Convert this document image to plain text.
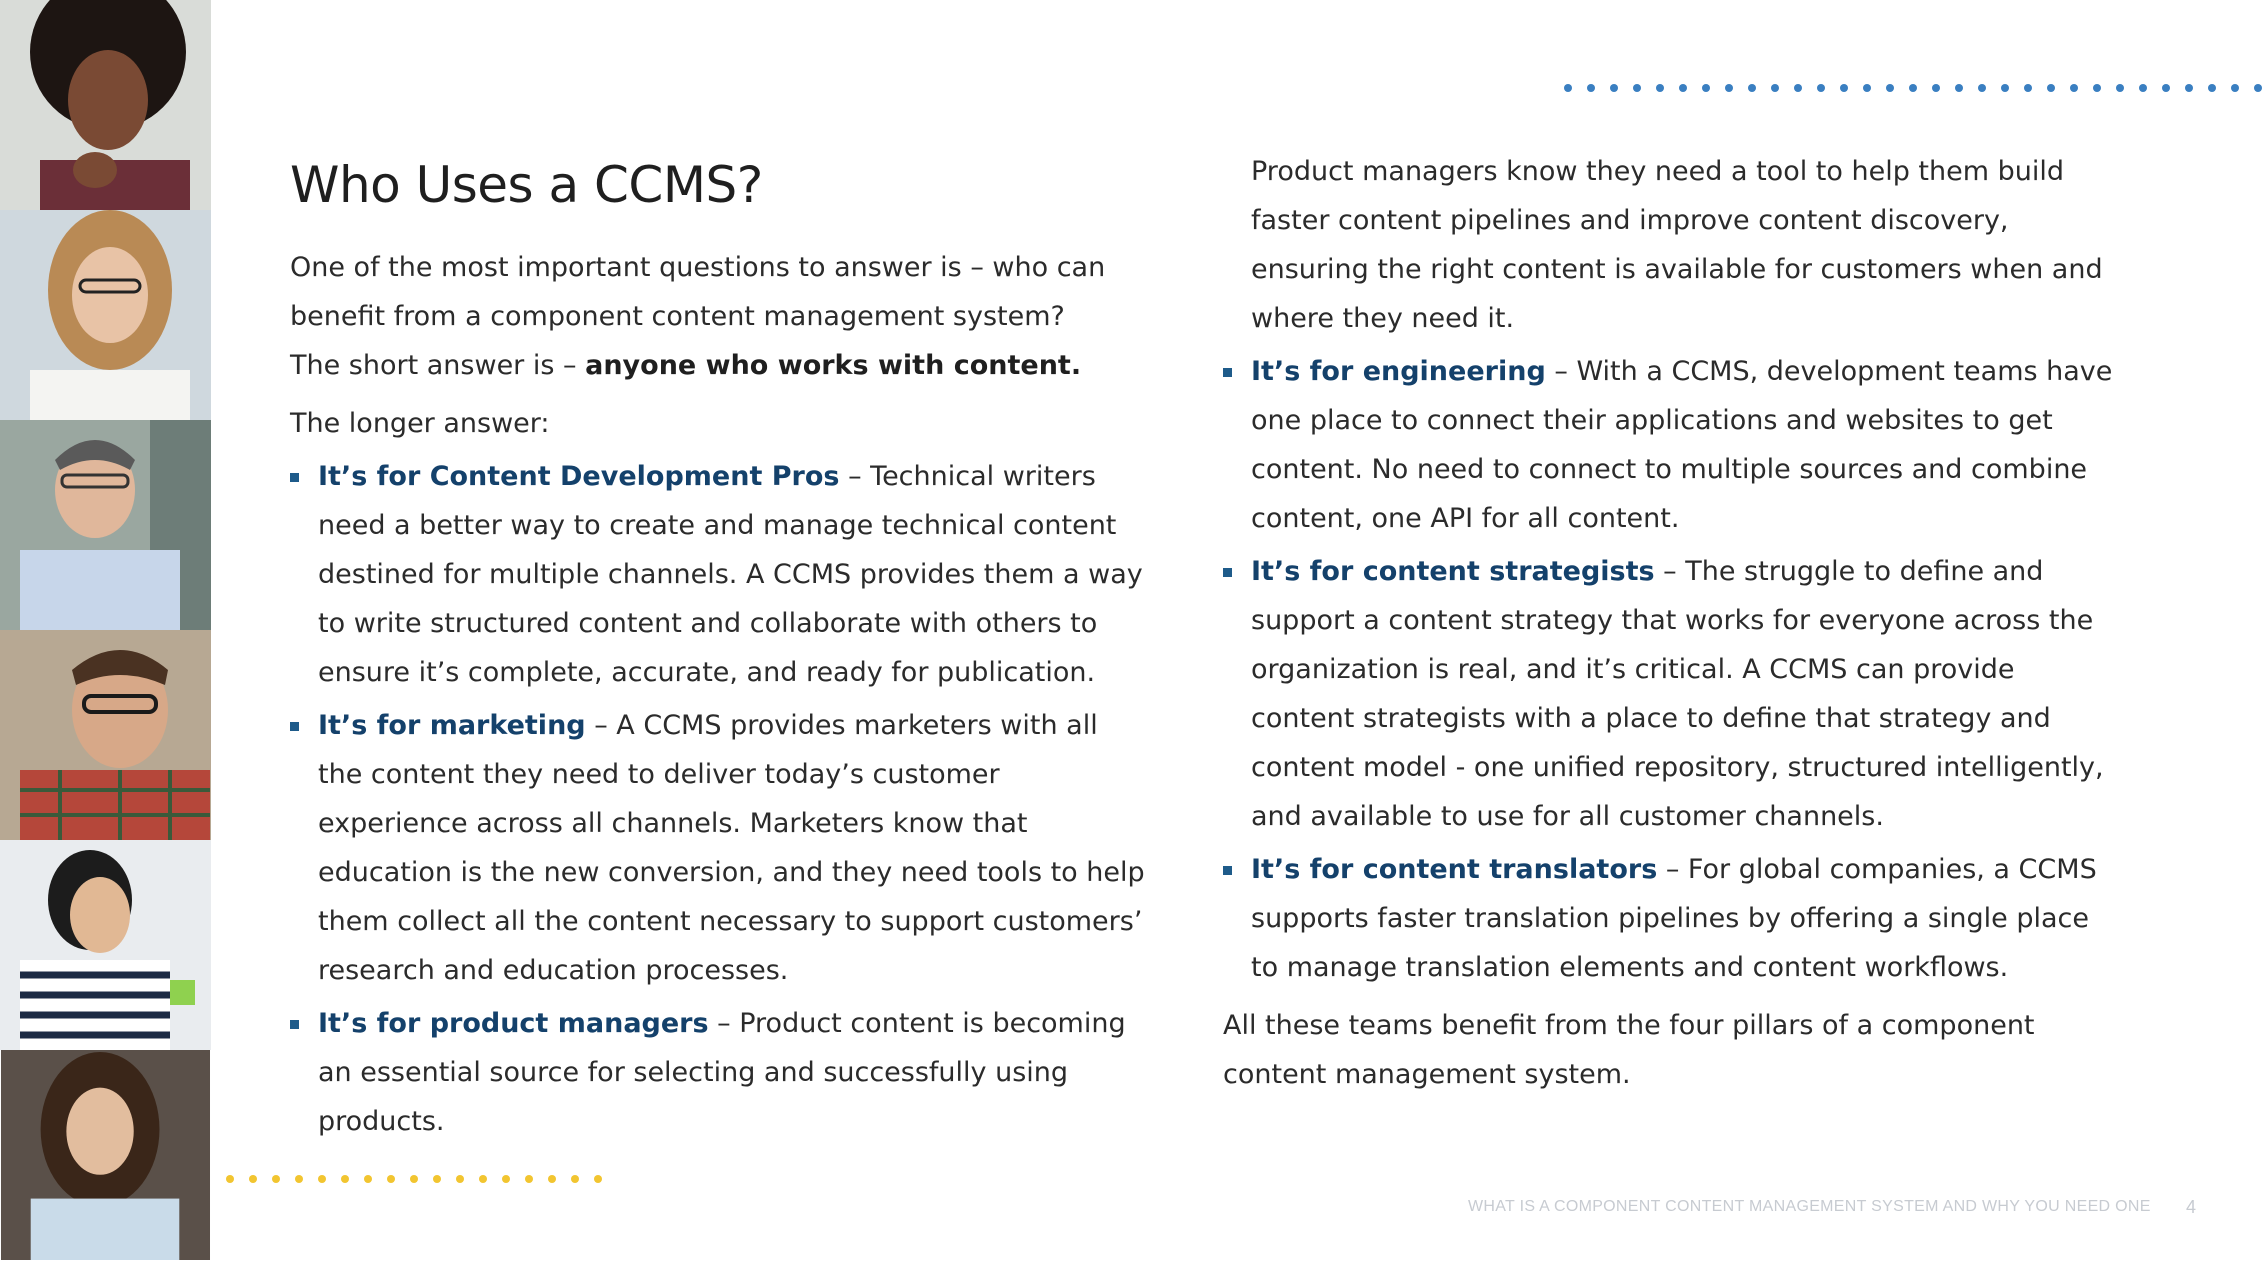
Who Uses a CCMS?

One of the most important questions to answer is – who can benefit from a component content management system?

The short answer is – anyone who works with content.

The longer answer:

It’s for Content Development Pros – Technical writers need a better way to create and manage technical content destined for multiple channels. A CCMS provides them a way to write structured content and collaborate with others to ensure it’s complete, accurate, and ready for publication.

It’s for marketing – A CCMS provides marketers with all the content they need to deliver today’s customer experience across all channels. Marketers know that education is the new conversion, and they need tools to help them collect all the content necessary to support customers’ research and education processes.

It’s for product managers – Product content is becoming an essential source for selecting and successfully using products.

Product managers know they need a tool to help them build faster content pipelines and improve content discovery, ensuring the right content is available for customers when and where they need it.

It’s for engineering – With a CCMS, development teams have one place to connect their applications and websites to get content. No need to connect to multiple sources and combine content, one API for all content.

It’s for content strategists – The struggle to define and support a content strategy that works for everyone across the organization is real, and it’s critical. A CCMS can provide content strategists with a place to define that strategy and content model - one unified repository, structured intelligently, and available to use for all customer channels.

It’s for content translators – For global companies, a CCMS supports faster translation pipelines by offering a single place to manage translation elements and content workflows.

All these teams benefit from the four pillars of a component content management system.

WHAT IS A COMPONENT CONTENT MANAGEMENT SYSTEM AND WHY YOU NEED ONE 4
